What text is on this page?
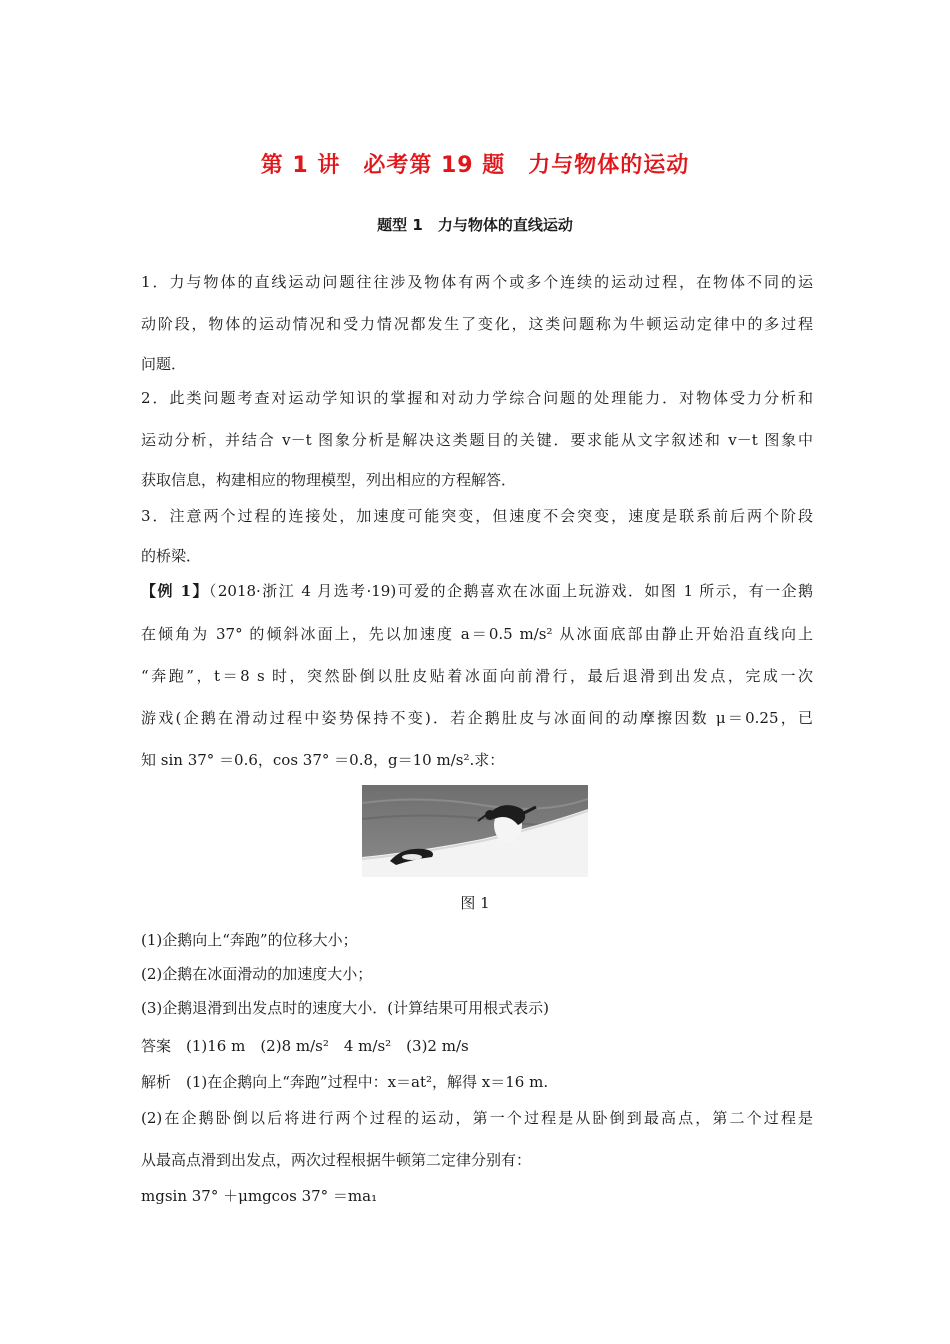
第 1 讲　必考第 19 题　力与物体的运动
题型 1　力与物体的直线运动
1．力与物体的直线运动问题往往涉及物体有两个或多个连续的运动过程，在物体不同的运
动阶段，物体的运动情况和受力情况都发生了变化，这类问题称为牛顿运动定律中的多过程
问题．
2．此类问题考查对运动学知识的掌握和对动力学综合问题的处理能力．对物体受力分析和
运动分析，并结合 v－t 图象分析是解决这类题目的关键．要求能从文字叙述和 v－t 图象中
获取信息，构建相应的物理模型，列出相应的方程解答．
3．注意两个过程的连接处，加速度可能突变，但速度不会突变，速度是联系前后两个阶段
的桥梁．
【例 1】（2018·浙江 4 月选考·19)可爱的企鹅喜欢在冰面上玩游戏．如图 1 所示，有一企鹅
在倾角为 37° 的倾斜冰面上，先以加速度 a＝0.5 m/s² 从冰面底部由静止开始沿直线向上
“奔跑”，t＝8 s 时，突然卧倒以肚皮贴着冰面向前滑行，最后退滑到出发点，完成一次
游戏(企鹅在滑动过程中姿势保持不变)．若企鹅肚皮与冰面间的动摩擦因数 μ＝0.25，已
知 sin 37° ＝0.6，cos 37° ＝0.8，g＝10 m/s².求：
图 1
(1)企鹅向上“奔跑”的位移大小；
(2)企鹅在冰面滑动的加速度大小；
(3)企鹅退滑到出发点时的速度大小．(计算结果可用根式表示)
答案　(1)16 m　(2)8 m/s²　4 m/s²　(3)2 m/s
解析　(1)在企鹅向上“奔跑”过程中：x＝at²，解得 x＝16 m.
(2)在企鹅卧倒以后将进行两个过程的运动，第一个过程是从卧倒到最高点，第二个过程是
从最高点滑到出发点，两次过程根据牛顿第二定律分别有：
mgsin 37° ＋μmgcos 37° ＝ma₁
